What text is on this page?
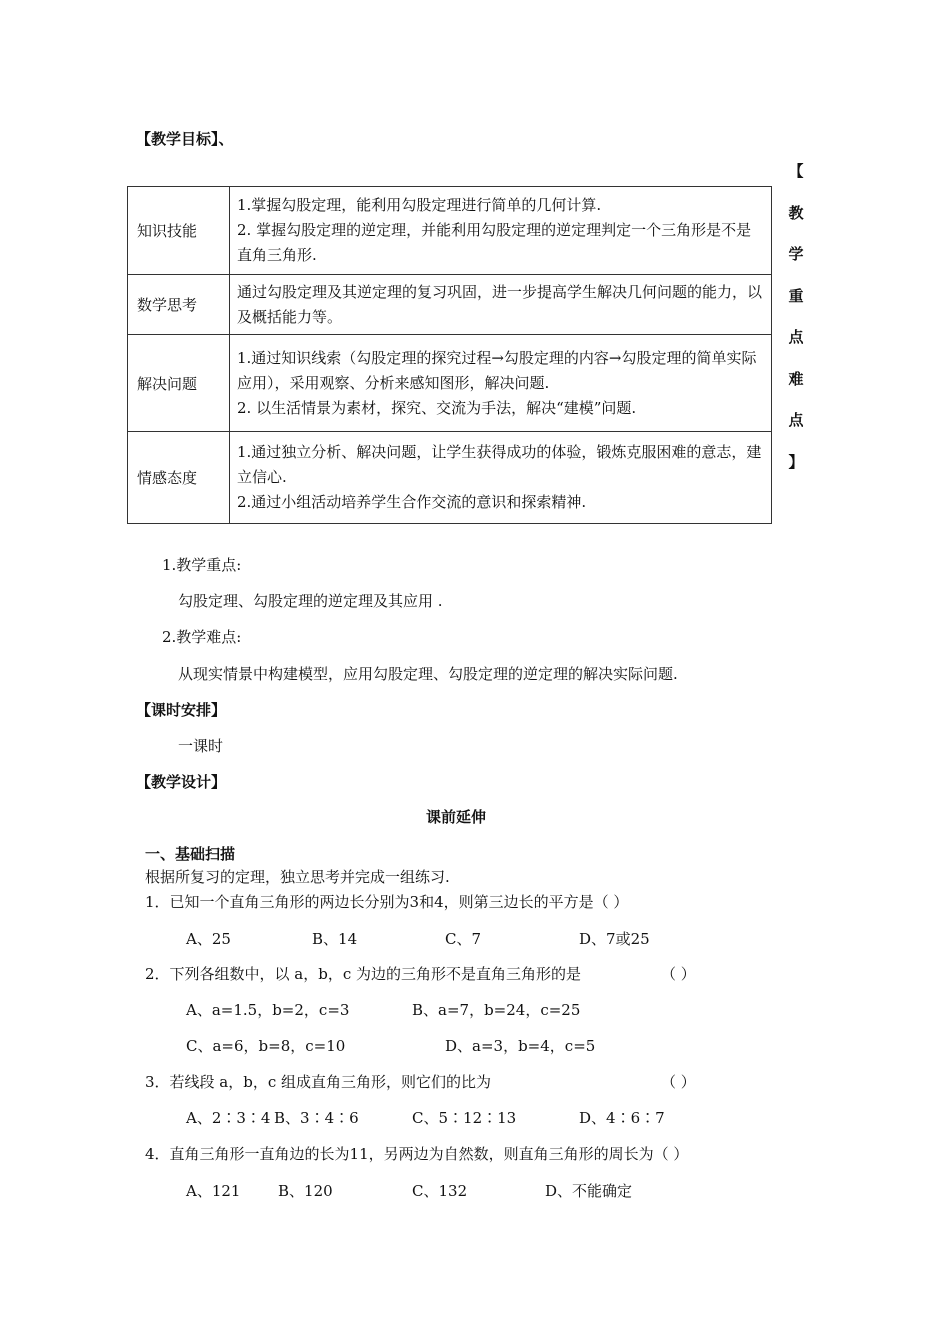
【教学目标】、
【
教
学
重
点
难
点
】
知识技能	1.掌握勾股定理，能利用勾股定理进行简单的几何计算.
2. 掌握勾股定理的逆定理，并能利用勾股定理的逆定理判定一个三角形是不是直角三角形.

数学思考	通过勾股定理及其逆定理的复习巩固，进一步提高学生解决几何问题的能力，以及概括能力等。

解决问题	1.通过知识线索（勾股定理的探究过程→勾股定理的内容→勾股定理的简单实际应用），采用观察、分析来感知图形，解决问题.
2. 以生活情景为素材，探究、交流为手法，解决“建模”问题.

情感态度	1.通过独立分析、解决问题，让学生获得成功的体验，锻炼克服困难的意志，建立信心.
2.通过小组活动培养学生合作交流的意识和探索精神.
1.教学重点:
勾股定理、勾股定理的逆定理及其应用 .
2.教学难点:
从现实情景中构建模型，应用勾股定理、勾股定理的逆定理的解决实际问题.
【课时安排】
一课时
【教学设计】
课前延伸
一、基础扫描
根据所复习的定理，独立思考并完成一组练习.
1．已知一个直角三角形的两边长分别为3和4，则第三边长的平方是（ ）
A、25	B、14	C、7	D、7或25
2．下列各组数中，以 a，b，c 为边的三角形不是直角三角形的是	（ ）
A、a=1.5，b=2，c=3	B、a=7，b=24，c=25
C、a=6，b=8，c=10	D、a=3，b=4，c=5
3．若线段 a，b，c 组成直角三角形，则它们的比为	（ ）
A、2∶3∶4 B、3∶4∶6	C、5∶12∶13	D、4∶6∶7
4．直角三角形一直角边的长为11，另两边为自然数，则直角三角形的周长为（ ）
A、121	B、120	C、132	D、不能确定
